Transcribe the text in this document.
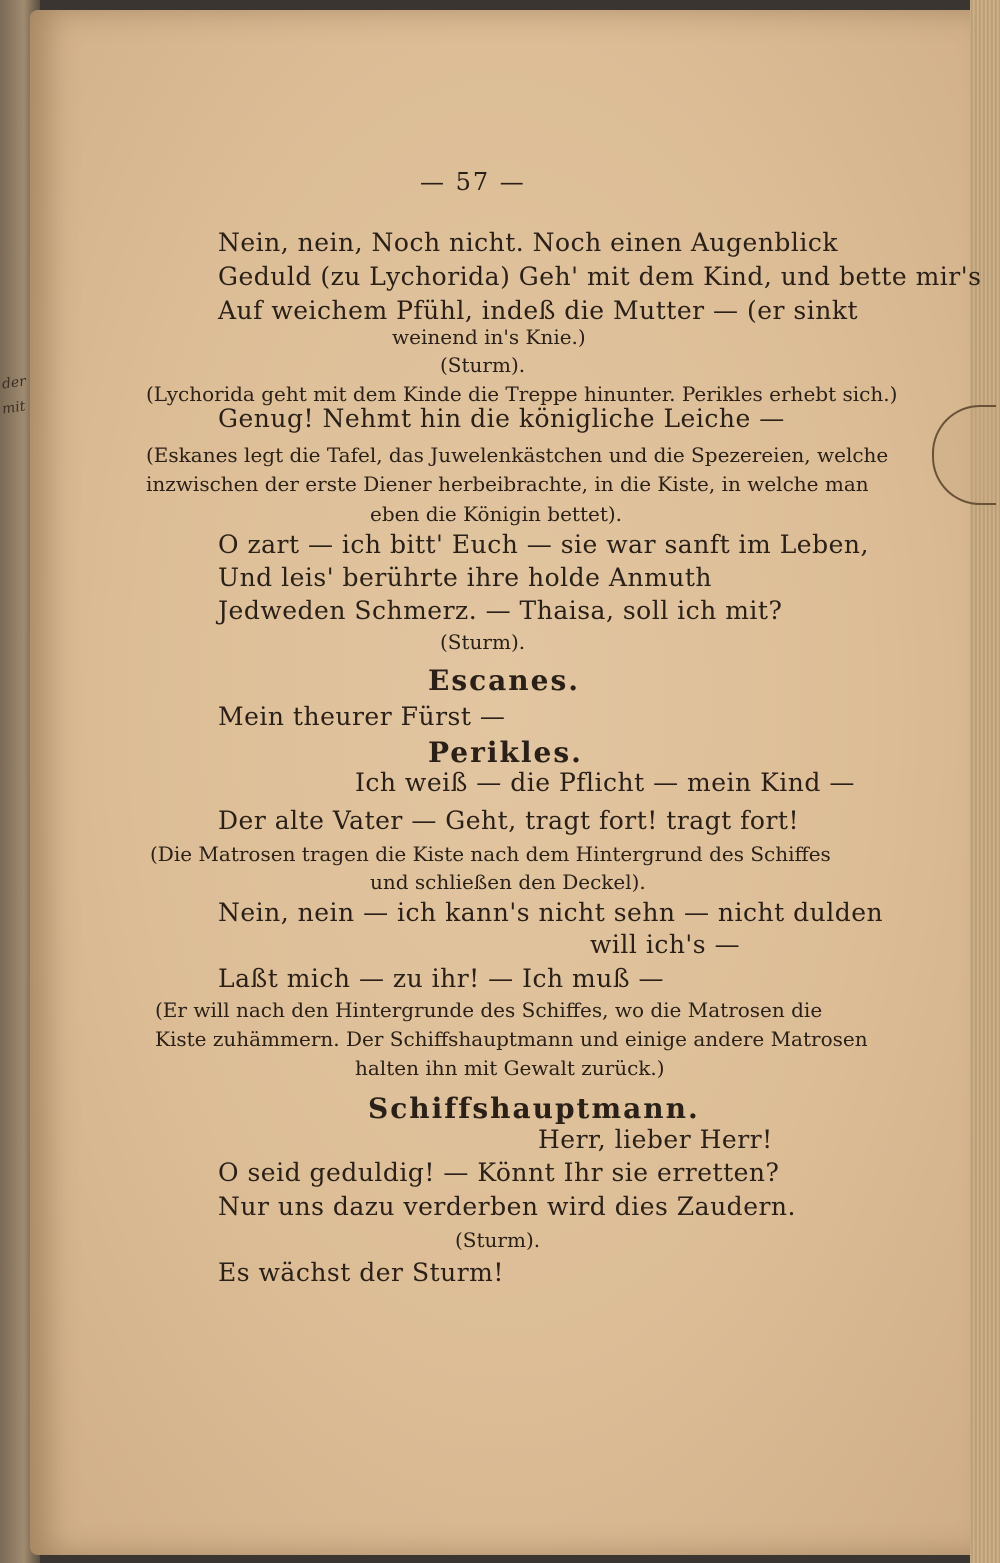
der
mit
— 57 —
Nein, nein, Noch nicht. Noch einen Augenblick
Geduld (zu Lychorida) Geh' mit dem Kind, und bette mir's
Auf weichem Pfühl, indeß die Mutter — (er sinkt
weinend in's Knie.)
(Sturm).
(Lychorida geht mit dem Kinde die Treppe hinunter. Perikles erhebt sich.)
Genug! Nehmt hin die königliche Leiche —
(Eskanes legt die Tafel, das Juwelenkästchen und die Spezereien, welche
inzwischen der erste Diener herbeibrachte, in die Kiste, in welche man
eben die Königin bettet).
O zart — ich bitt' Euch — sie war sanft im Leben,
Und leis' berührte ihre holde Anmuth
Jedweden Schmerz. — Thaisa, soll ich mit?
(Sturm).
Escanes.
Mein theurer Fürst —
Perikles.
Ich weiß — die Pflicht — mein Kind —
Der alte Vater — Geht, tragt fort! tragt fort!
(Die Matrosen tragen die Kiste nach dem Hintergrund des Schiffes
und schließen den Deckel).
Nein, nein — ich kann's nicht sehn — nicht dulden
will ich's —
Laßt mich — zu ihr! — Ich muß —
(Er will nach den Hintergrunde des Schiffes, wo die Matrosen die
Kiste zuhämmern. Der Schiffshauptmann und einige andere Matrosen
halten ihn mit Gewalt zurück.)
Schiffshauptmann.
Herr, lieber Herr!
O seid geduldig! — Könnt Ihr sie erretten?
Nur uns dazu verderben wird dies Zaudern.
(Sturm).
Es wächst der Sturm!
